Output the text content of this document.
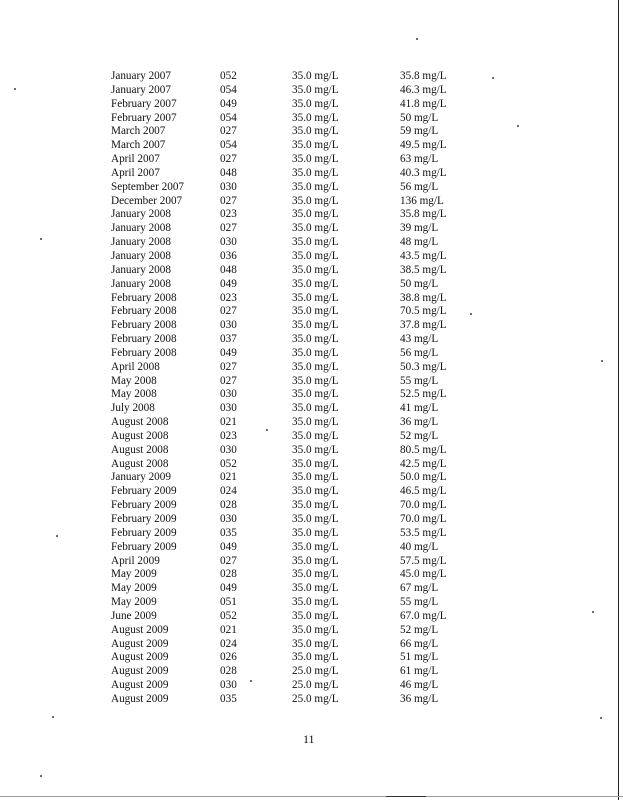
January 2007	052	35.0 mg/L	35.8 mg/L
January 2007	054	35.0 mg/L	46.3 mg/L
February 2007	049	35.0 mg/L	41.8 mg/L
February 2007	054	35.0 mg/L	50 mg/L
March 2007	027	35.0 mg/L	59 mg/L
March 2007	054	35.0 mg/L	49.5 mg/L
April 2007	027	35.0 mg/L	63 mg/L
April 2007	048	35.0 mg/L	40.3 mg/L
September 2007	030	35.0 mg/L	56 mg/L
December 2007	027	35.0 mg/L	136 mg/L
January 2008	023	35.0 mg/L	35.8 mg/L
January 2008	027	35.0 mg/L	39 mg/L
January 2008	030	35.0 mg/L	48 mg/L
January 2008	036	35.0 mg/L	43.5 mg/L
January 2008	048	35.0 mg/L	38.5 mg/L
January 2008	049	35.0 mg/L	50 mg/L
February 2008	023	35.0 mg/L	38.8 mg/L
February 2008	027	35.0 mg/L	70.5 mg/L
February 2008	030	35.0 mg/L	37.8 mg/L
February 2008	037	35.0 mg/L	43 mg/L
February 2008	049	35.0 mg/L	56 mg/L
April 2008	027	35.0 mg/L	50.3 mg/L
May 2008	027	35.0 mg/L	55 mg/L
May 2008	030	35.0 mg/L	52.5 mg/L
July 2008	030	35.0 mg/L	41 mg/L
August 2008	021	35.0 mg/L	36 mg/L
August 2008	023	35.0 mg/L	52 mg/L
August 2008	030	35.0 mg/L	80.5 mg/L
August 2008	052	35.0 mg/L	42.5 mg/L
January 2009	021	35.0 mg/L	50.0 mg/L
February 2009	024	35.0 mg/L	46.5 mg/L
February 2009	028	35.0 mg/L	70.0 mg/L
February 2009	030	35.0 mg/L	70.0 mg/L
February 2009	035	35.0 mg/L	53.5 mg/L
February 2009	049	35.0 mg/L	40 mg/L
April 2009	027	35.0 mg/L	57.5 mg/L
May 2009	028	35.0 mg/L	45.0 mg/L
May 2009	049	35.0 mg/L	67 mg/L
May 2009	051	35.0 mg/L	55 mg/L
June 2009	052	35.0 mg/L	67.0 mg/L
August 2009	021	35.0 mg/L	52 mg/L
August 2009	024	35.0 mg/L	66 mg/L
August 2009	026	35.0 mg/L	51 mg/L
August 2009	028	25.0 mg/L	61 mg/L
August 2009	030	25.0 mg/L	46 mg/L
August 2009	035	25.0 mg/L	36 mg/L
11
